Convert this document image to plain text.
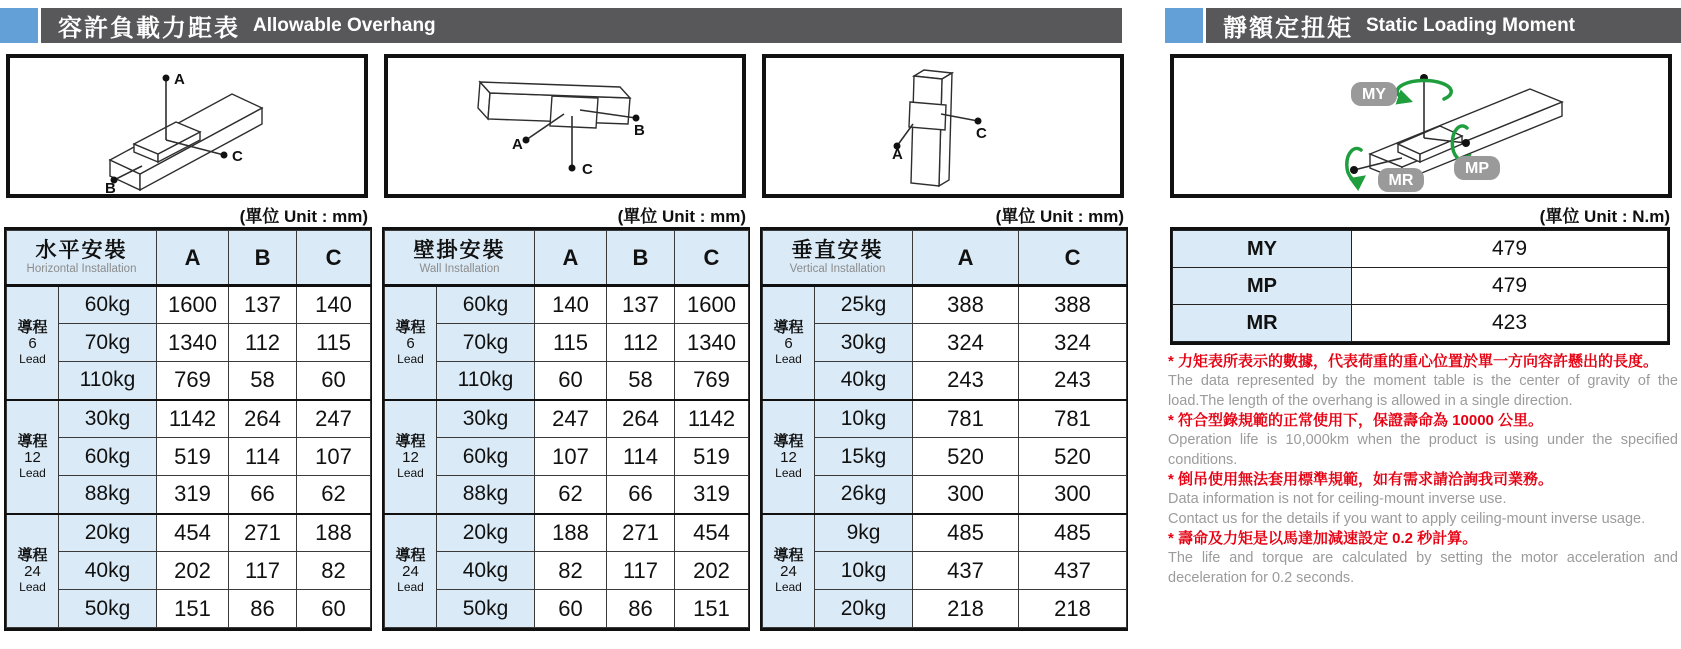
容許負載力距表 Allowable Overhang	靜額定扭矩 Static Loading Moment
A
C
B
A
B
C
A
C
MY
MP
MR
(單位 Unit : mm)	(單位 Unit : mm)	(單位 Unit : mm)	(單位 Unit : N.m)
水平安裝
Horizontal Installation		A	B	C

導程
6
Lead	60kg	1600	137	140
	70kg	1340	112	115
	110kg	769	58	60

導程
12
Lead	30kg	1142	264	247
	60kg	519	114	107
	88kg	319	66	62

導程
24
Lead	20kg	454	271	188
	40kg	202	117	82
	50kg	151	86	60
壁掛安裝
Wall Installation		A	B	C

導程
6
Lead	60kg	140	137	1600
	70kg	115	112	1340
	110kg	60	58	769

導程
12
Lead	30kg	247	264	1142
	60kg	107	114	519
	88kg	62	66	319

導程
24
Lead	20kg	188	271	454
	40kg	82	117	202
	50kg	60	86	151
垂直安裝
Vertical Installation		A	C

導程
6
Lead	25kg	388	388
	30kg	324	324
	40kg	243	243

導程
12
Lead	10kg	781	781
	15kg	520	520
	26kg	300	300

導程
24
Lead	9kg	485	485
	10kg	437	437
	20kg	218	218
MY	479
MP	479
MR	423

* 力矩表所表示的數據，代表荷重的重心位置於單一方向容許懸出的長度。

The data represented by the moment table is the center of gravity of the load.The length of the overhang is allowed in a single direction.

* 符合型錄規範的正常使用下，保證壽命為 10000 公里。

Operation life is 10,000km when the product is using under the specified conditions.

* 倒吊使用無法套用標準規範，如有需求請洽詢我司業務。

Data information is not for ceiling-mount inverse use.

Contact us for the details if you want to apply ceiling-mount inverse usage.

* 壽命及力矩是以馬達加減速設定 0.2 秒計算。

The life and torque are calculated by setting the motor acceleration and deceleration for 0.2 seconds.
